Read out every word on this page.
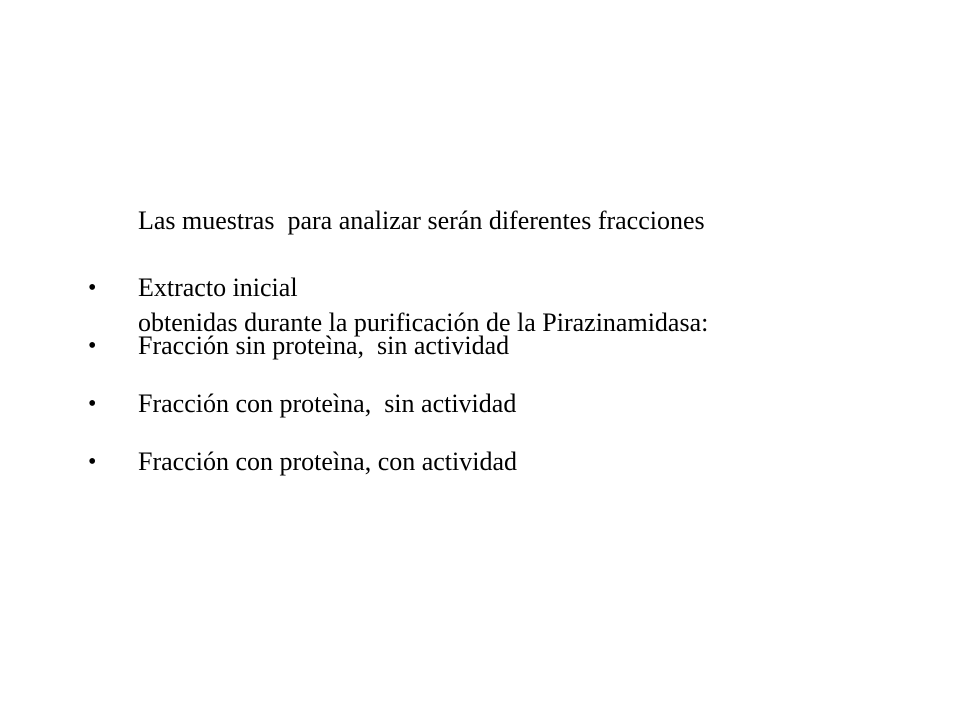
Las muestras  para analizar serán diferentes fracciones

obtenidas durante la purificación de la Pirazinamidasa:

•	Extracto inicial
•	Fracción sin proteìna,  sin actividad
•	Fracción con proteìna,  sin actividad
•	Fracción con proteìna, con actividad
